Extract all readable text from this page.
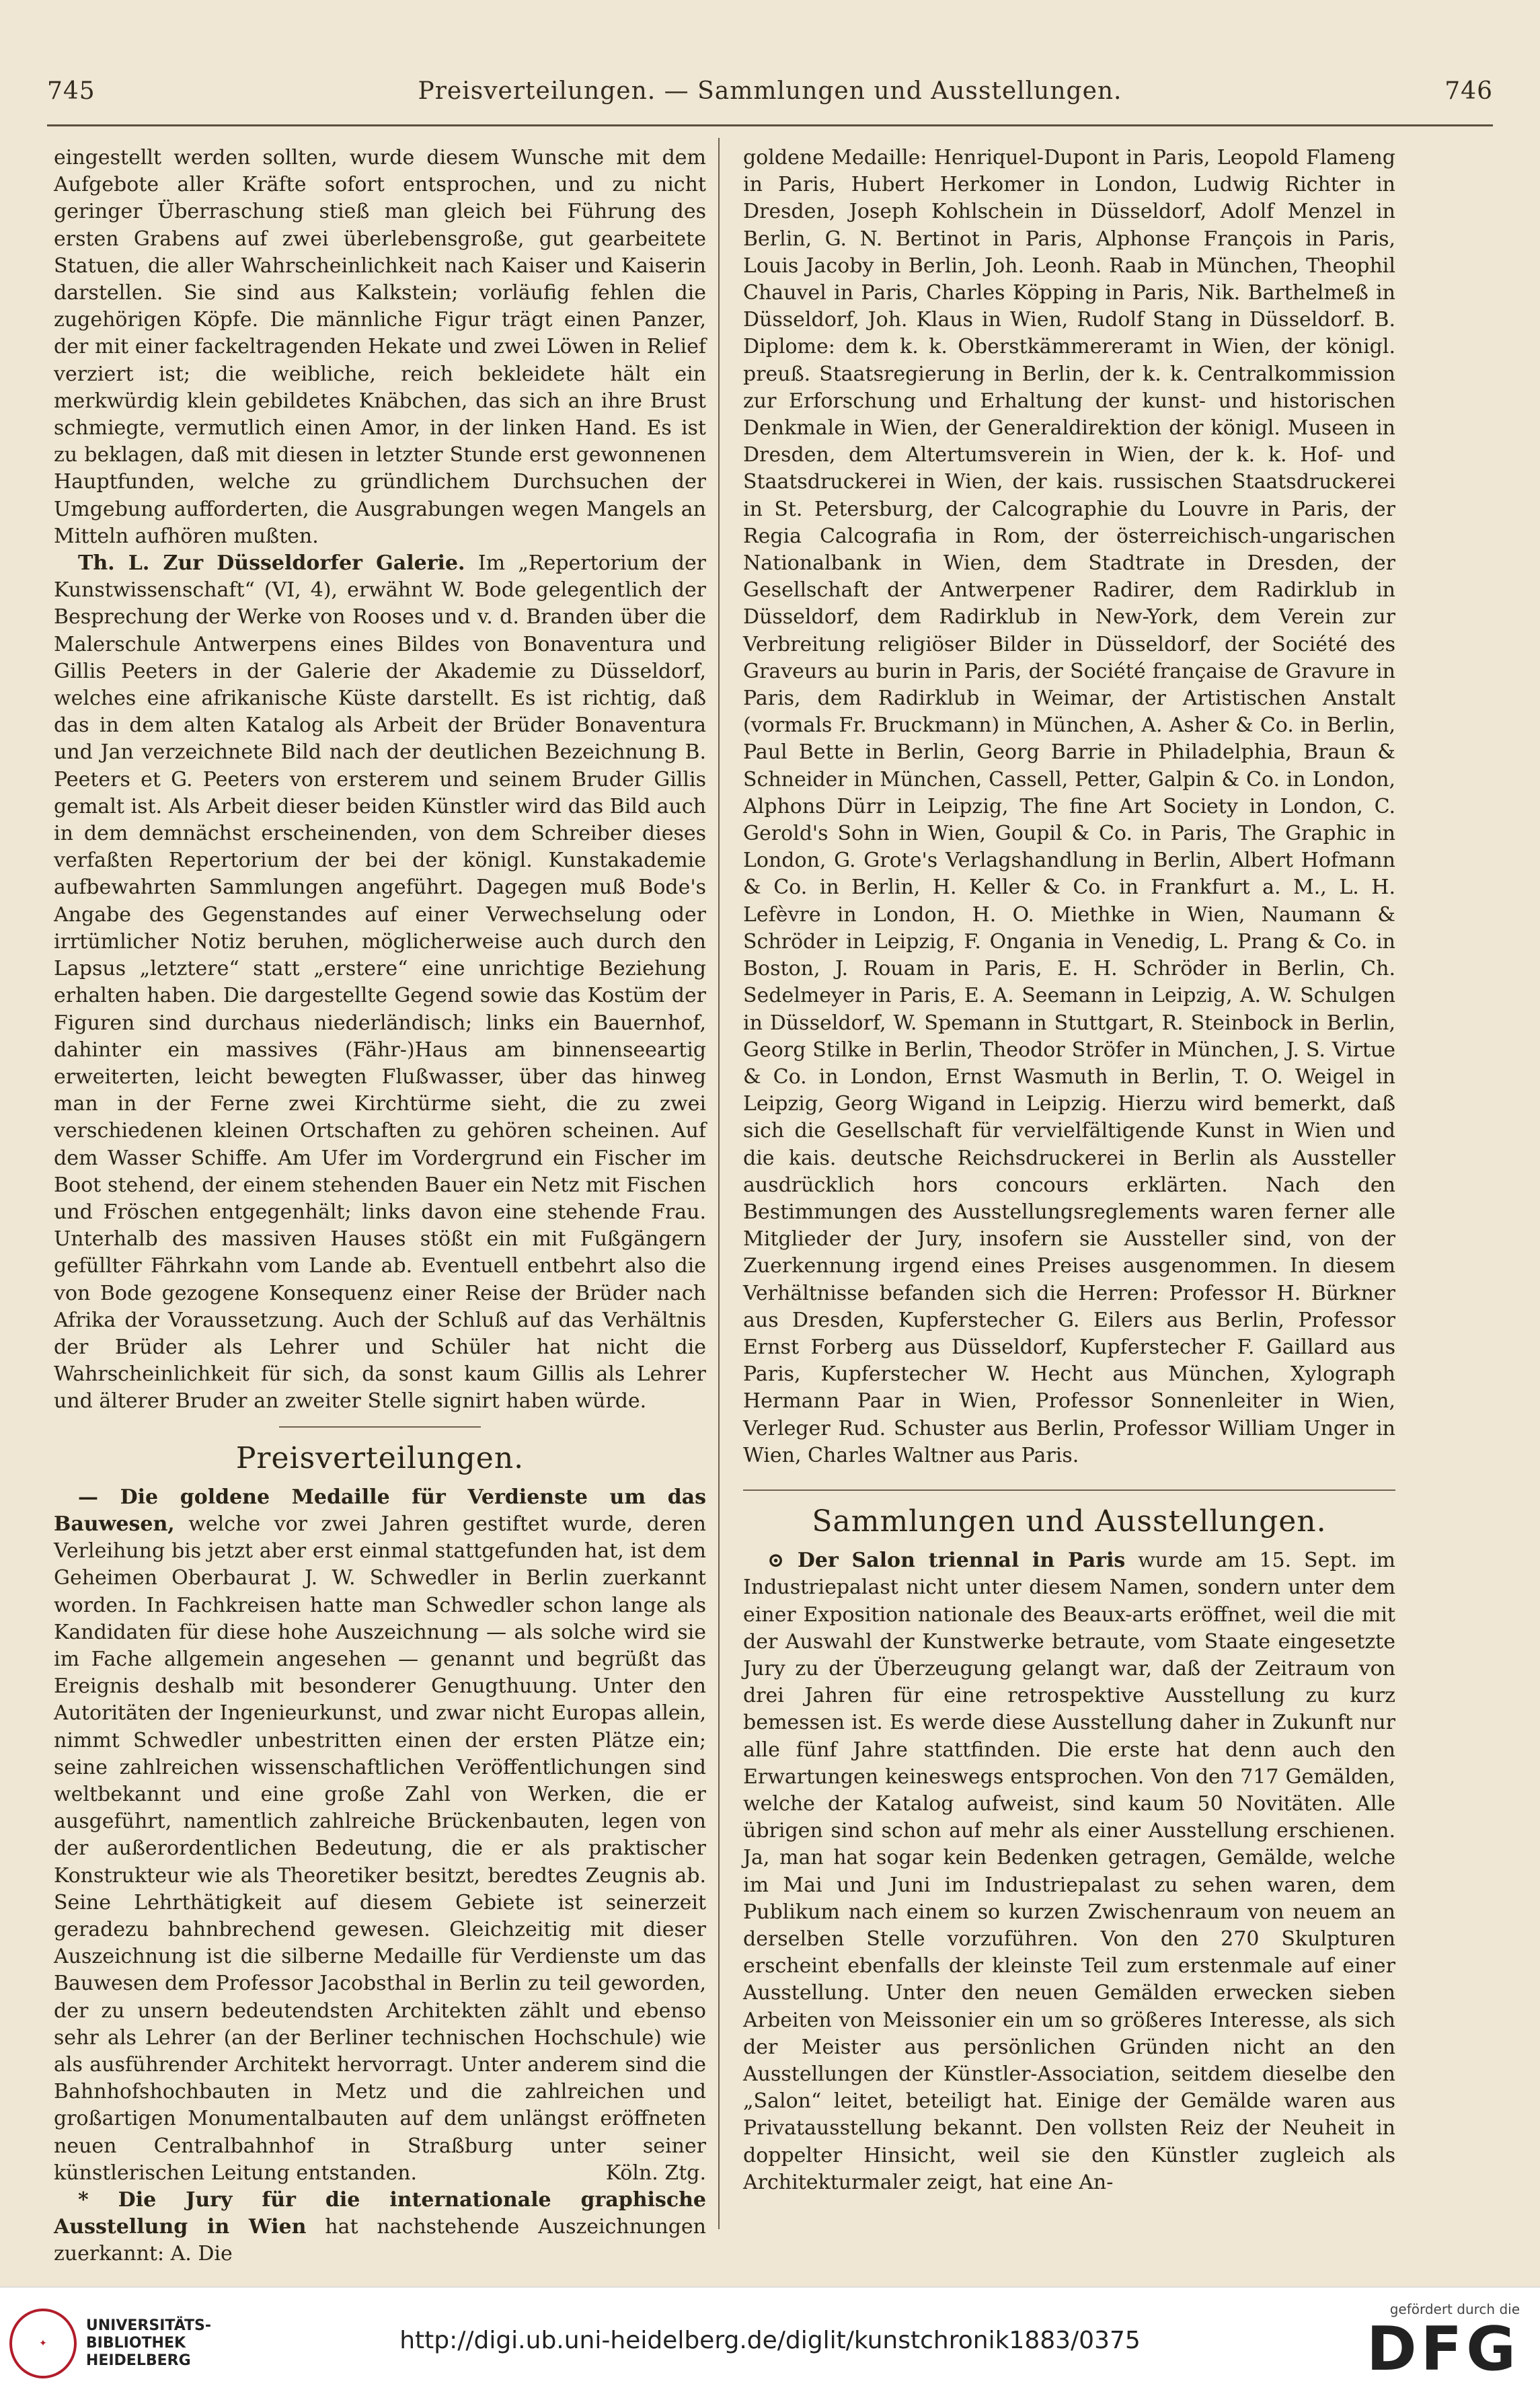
745	Preisverteilungen. — Sammlungen und Ausstellungen.	746

eingestellt werden sollten, wurde diesem Wunsche mit dem Aufgebote aller Kräfte sofort entsprochen, und zu nicht geringer Überraschung stieß man gleich bei Führung des ersten Grabens auf zwei überlebensgroße, gut gearbeitete Statuen, die aller Wahrscheinlichkeit nach Kaiser und Kaiserin darstellen. Sie sind aus Kalkstein; vorläufig fehlen die zugehörigen Köpfe. Die männliche Figur trägt einen Panzer, der mit einer fackeltragenden Hekate und zwei Löwen in Relief verziert ist; die weibliche, reich bekleidete hält ein merkwürdig klein gebildetes Knäbchen, das sich an ihre Brust schmiegte, vermutlich einen Amor, in der linken Hand. Es ist zu beklagen, daß mit diesen in letzter Stunde erst gewonnenen Hauptfunden, welche zu gründlichem Durchsuchen der Umgebung aufforderten, die Ausgrabungen wegen Mangels an Mitteln aufhören mußten.

Th. L. Zur Düsseldorfer Galerie. Im „Repertorium der Kunstwissenschaft“ (VI, 4), erwähnt W. Bode gelegentlich der Besprechung der Werke von Rooses und v. d. Branden über die Malerschule Antwerpens eines Bildes von Bonaventura und Gillis Peeters in der Galerie der Akademie zu Düsseldorf, welches eine afrikanische Küste darstellt. Es ist richtig, daß das in dem alten Katalog als Arbeit der Brüder Bonaventura und Jan verzeichnete Bild nach der deutlichen Bezeichnung B. Peeters et G. Peeters von ersterem und seinem Bruder Gillis gemalt ist. Als Arbeit dieser beiden Künstler wird das Bild auch in dem demnächst erscheinenden, von dem Schreiber dieses verfaßten Repertorium der bei der königl. Kunstakademie aufbewahrten Sammlungen angeführt. Dagegen muß Bode's Angabe des Gegenstandes auf einer Verwechselung oder irrtümlicher Notiz beruhen, möglicherweise auch durch den Lapsus „letztere“ statt „erstere“ eine unrichtige Beziehung erhalten haben. Die dargestellte Gegend sowie das Kostüm der Figuren sind durchaus niederländisch; links ein Bauernhof, dahinter ein massives (Fähr-)Haus am binnenseeartig erweiterten, leicht bewegten Flußwasser, über das hinweg man in der Ferne zwei Kirchtürme sieht, die zu zwei verschiedenen kleinen Ortschaften zu gehören scheinen. Auf dem Wasser Schiffe. Am Ufer im Vordergrund ein Fischer im Boot stehend, der einem stehenden Bauer ein Netz mit Fischen und Fröschen entgegenhält; links davon eine stehende Frau. Unterhalb des massiven Hauses stößt ein mit Fußgängern gefüllter Fährkahn vom Lande ab. Eventuell entbehrt also die von Bode gezogene Konsequenz einer Reise der Brüder nach Afrika der Voraussetzung. Auch der Schluß auf das Verhältnis der Brüder als Lehrer und Schüler hat nicht die Wahrscheinlichkeit für sich, da sonst kaum Gillis als Lehrer und älterer Bruder an zweiter Stelle signirt haben würde.

Preisverteilungen.

— Die goldene Medaille für Verdienste um das Bauwesen, welche vor zwei Jahren gestiftet wurde, deren Verleihung bis jetzt aber erst einmal stattgefunden hat, ist dem Geheimen Oberbaurat J. W. Schwedler in Berlin zuerkannt worden. In Fachkreisen hatte man Schwedler schon lange als Kandidaten für diese hohe Auszeichnung — als solche wird sie im Fache allgemein angesehen — genannt und begrüßt das Ereignis deshalb mit besonderer Genugthuung. Unter den Autoritäten der Ingenieurkunst, und zwar nicht Europas allein, nimmt Schwedler unbestritten einen der ersten Plätze ein; seine zahlreichen wissenschaftlichen Veröffentlichungen sind weltbekannt und eine große Zahl von Werken, die er ausgeführt, namentlich zahlreiche Brückenbauten, legen von der außerordentlichen Bedeutung, die er als praktischer Konstrukteur wie als Theoretiker besitzt, beredtes Zeugnis ab. Seine Lehrthätigkeit auf diesem Gebiete ist seinerzeit geradezu bahnbrechend gewesen. Gleichzeitig mit dieser Auszeichnung ist die silberne Medaille für Verdienste um das Bauwesen dem Professor Jacobsthal in Berlin zu teil geworden, der zu unsern bedeutendsten Architekten zählt und ebenso sehr als Lehrer (an der Berliner technischen Hochschule) wie als ausführender Architekt hervorragt. Unter anderem sind die Bahnhofshochbauten in Metz und die zahlreichen und großartigen Monumentalbauten auf dem unlängst eröffneten neuen Centralbahnhof in Straßburg unter seiner künstlerischen Leitung entstanden.	Köln. Ztg.

* Die Jury für die internationale graphische Ausstellung in Wien hat nachstehende Auszeichnungen zuerkannt: A. Die

goldene Medaille: Henriquel-Dupont in Paris, Leopold Flameng in Paris, Hubert Herkomer in London, Ludwig Richter in Dresden, Joseph Kohlschein in Düsseldorf, Adolf Menzel in Berlin, G. N. Bertinot in Paris, Alphonse François in Paris, Louis Jacoby in Berlin, Joh. Leonh. Raab in München, Theophil Chauvel in Paris, Charles Köpping in Paris, Nik. Barthelmeß in Düsseldorf, Joh. Klaus in Wien, Rudolf Stang in Düsseldorf. B. Diplome: dem k. k. Oberstkämmereramt in Wien, der königl. preuß. Staatsregierung in Berlin, der k. k. Centralkommission zur Erforschung und Erhaltung der kunst- und historischen Denkmale in Wien, der Generaldirektion der königl. Museen in Dresden, dem Altertumsverein in Wien, der k. k. Hof- und Staatsdruckerei in Wien, der kais. russischen Staatsdruckerei in St. Petersburg, der Calcographie du Louvre in Paris, der Regia Calcografia in Rom, der österreichisch-ungarischen Nationalbank in Wien, dem Stadtrate in Dresden, der Gesellschaft der Antwerpener Radirer, dem Radirklub in Düsseldorf, dem Radirklub in New-York, dem Verein zur Verbreitung religiöser Bilder in Düsseldorf, der Société des Graveurs au burin in Paris, der Société française de Gravure in Paris, dem Radirklub in Weimar, der Artistischen Anstalt (vormals Fr. Bruckmann) in München, A. Asher & Co. in Berlin, Paul Bette in Berlin, Georg Barrie in Philadelphia, Braun & Schneider in München, Cassell, Petter, Galpin & Co. in London, Alphons Dürr in Leipzig, The fine Art Society in London, C. Gerold's Sohn in Wien, Goupil & Co. in Paris, The Graphic in London, G. Grote's Verlagshandlung in Berlin, Albert Hofmann & Co. in Berlin, H. Keller & Co. in Frankfurt a. M., L. H. Lefèvre in London, H. O. Miethke in Wien, Naumann & Schröder in Leipzig, F. Ongania in Venedig, L. Prang & Co. in Boston, J. Rouam in Paris, E. H. Schröder in Berlin, Ch. Sedelmeyer in Paris, E. A. Seemann in Leipzig, A. W. Schulgen in Düsseldorf, W. Spemann in Stuttgart, R. Steinbock in Berlin, Georg Stilke in Berlin, Theodor Ströfer in München, J. S. Virtue & Co. in London, Ernst Wasmuth in Berlin, T. O. Weigel in Leipzig, Georg Wigand in Leipzig. Hierzu wird bemerkt, daß sich die Gesellschaft für vervielfältigende Kunst in Wien und die kais. deutsche Reichsdruckerei in Berlin als Aussteller ausdrücklich hors concours erklärten. Nach den Bestimmungen des Ausstellungsreglements waren ferner alle Mitglieder der Jury, insofern sie Aussteller sind, von der Zuerkennung irgend eines Preises ausgenommen. In diesem Verhältnisse befanden sich die Herren: Professor H. Bürkner aus Dresden, Kupferstecher G. Eilers aus Berlin, Professor Ernst Forberg aus Düsseldorf, Kupferstecher F. Gaillard aus Paris, Kupferstecher W. Hecht aus München, Xylograph Hermann Paar in Wien, Professor Sonnenleiter in Wien, Verleger Rud. Schuster aus Berlin, Professor William Unger in Wien, Charles Waltner aus Paris.

Sammlungen und Ausstellungen.

⊙ Der Salon triennal in Paris wurde am 15. Sept. im Industriepalast nicht unter diesem Namen, sondern unter dem einer Exposition nationale des Beaux-arts eröffnet, weil die mit der Auswahl der Kunstwerke betraute, vom Staate eingesetzte Jury zu der Überzeugung gelangt war, daß der Zeitraum von drei Jahren für eine retrospektive Ausstellung zu kurz bemessen ist. Es werde diese Ausstellung daher in Zukunft nur alle fünf Jahre stattfinden. Die erste hat denn auch den Erwartungen keineswegs entsprochen. Von den 717 Gemälden, welche der Katalog aufweist, sind kaum 50 Novitäten. Alle übrigen sind schon auf mehr als einer Ausstellung erschienen. Ja, man hat sogar kein Bedenken getragen, Gemälde, welche im Mai und Juni im Industriepalast zu sehen waren, dem Publikum nach einem so kurzen Zwischenraum von neuem an derselben Stelle vorzuführen. Von den 270 Skulpturen erscheint ebenfalls der kleinste Teil zum erstenmale auf einer Ausstellung. Unter den neuen Gemälden erwecken sieben Arbeiten von Meissonier ein um so größeres Interesse, als sich der Meister aus persönlichen Gründen nicht an den Ausstellungen der Künstler-Association, seitdem dieselbe den „Salon“ leitet, beteiligt hat. Einige der Gemälde waren aus Privatausstellung bekannt. Den vollsten Reiz der Neuheit in doppelter Hinsicht, weil sie den Künstler zugleich als Architekturmaler zeigt, hat eine An-

✦
UNIVERSITÄTS-
BIBLIOTHEK
HEIDELBERG
http://digi.ub.uni-heidelberg.de/diglit/kunstchronik1883/0375
gefördert durch die
DFG
